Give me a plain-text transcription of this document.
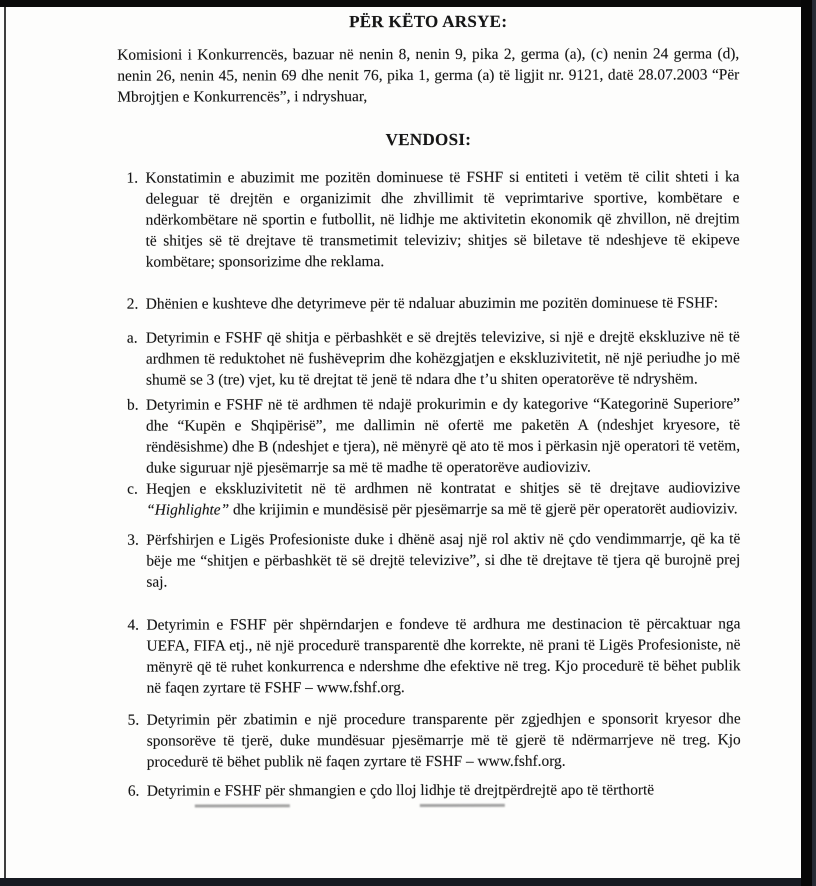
PËR KËTO ARSYE:

Komisioni i Konkurrencës, bazuar në nenin 8, nenin 9, pika 2, germa (a), (c) nenin 24 germa (d), nenin 26, nenin 45, nenin 69 dhe nenit 76, pika 1, germa (a) të ligjit nr. 9121, datë 28.07.2003 “Për Mbrojtjen e Konkurrencës”, i ndryshuar,

VENDOSI:
1. Konstatimin e abuzimit me pozitën dominuese të FSHF si entiteti i vetëm të cilit shteti i ka deleguar të drejtën e organizimit dhe zhvillimit të veprimtarive sportive, kombëtare e ndërkombëtare në sportin e futbollit, në lidhje me aktivitetin ekonomik që zhvillon, në drejtim të shitjes së të drejtave të transmetimit televiziv; shitjes së biletave të ndeshjeve të ekipeve kombëtare; sponsorizime dhe reklama.
2. Dhënien e kushteve dhe detyrimeve për të ndaluar abuzimin me pozitën dominuese të FSHF:
a. Detyrimin e FSHF që shitja e përbashkët e së drejtës televizive, si një e drejtë ekskluzive në të ardhmen të reduktohet në fushëveprim dhe kohëzgjatjen e ekskluzivitetit, në një periudhe jo më shumë se 3 (tre) vjet, ku të drejtat të jenë të ndara dhe t’u shiten operatorëve të ndryshëm.
b. Detyrimin e FSHF në të ardhmen të ndajë prokurimin e dy kategorive “Kategorinë Superiore” dhe “Kupën e Shqipërisë”, me dallimin në ofertë me paketën A (ndeshjet kryesore, të rëndësishme) dhe B (ndeshjet e tjera), në mënyrë që ato të mos i përkasin një operatori të vetëm, duke siguruar një pjesëmarrje sa më të madhe të operatorëve audioviziv.
c. Heqjen e ekskluzivitetit në të ardhmen në kontratat e shitjes së të drejtave audiovizive “Highlighte” dhe krijimin e mundësisë për pjesëmarrje sa më të gjerë për operatorët audioviziv.
3. Përfshirjen e Ligës Profesioniste duke i dhënë asaj një rol aktiv në çdo vendimmarrje, që ka të bëje me “shitjen e përbashkët të së drejtë televizive”, si dhe të drejtave të tjera që burojnë prej saj.
4. Detyrimin e FSHF për shpërndarjen e fondeve të ardhura me destinacion të përcaktuar nga UEFA, FIFA etj., në një procedurë transparentë dhe korrekte, në prani të Ligës Profesioniste, në mënyrë që të ruhet konkurrenca e ndershme dhe efektive në treg. Kjo procedurë të bëhet publik në faqen zyrtare të FSHF – www.fshf.org.
5. Detyrimin për zbatimin e një procedure transparente për zgjedhjen e sponsorit kryesor dhe sponsorëve të tjerë, duke mundësuar pjesëmarrje më të gjerë të ndërmarrjeve në treg. Kjo procedurë të bëhet publik në faqen zyrtare të FSHF – www.fshf.org.
6. Detyrimin e FSHF për shmangien e çdo lloj lidhje të drejtpërdrejtë apo të tërthortë
